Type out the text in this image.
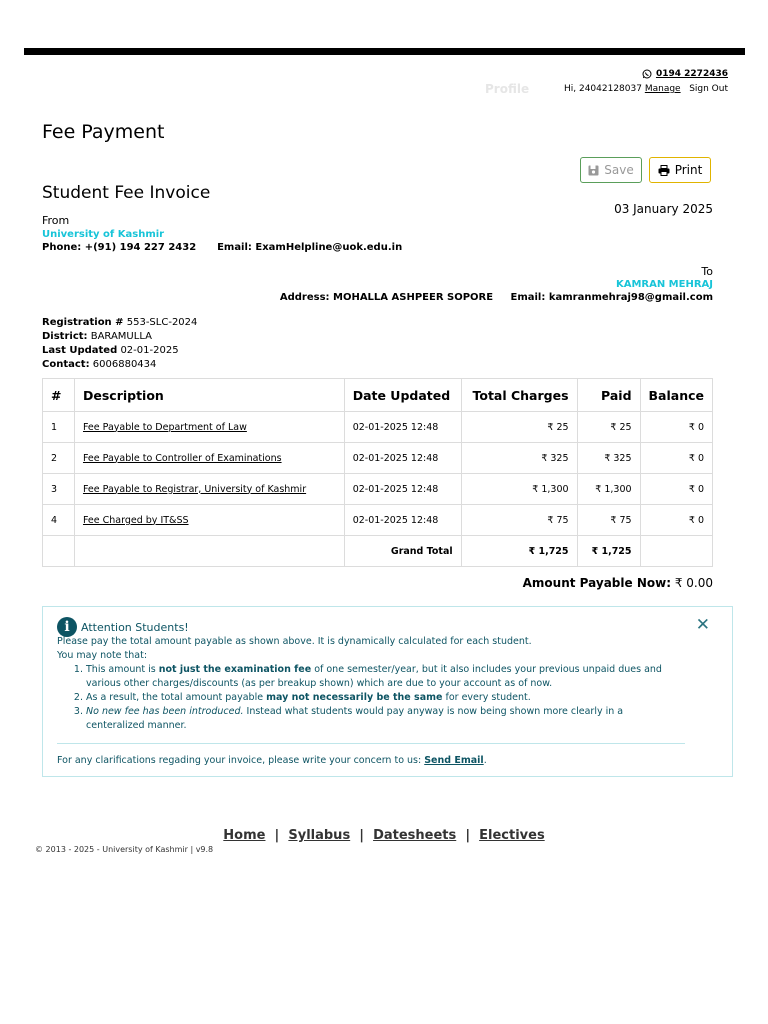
0194 2272436
Hi, 24042128037 Manage Sign Out
Profile
Fee Payment
Student Fee Invoice
Save	Print
03 January 2025
From
University of Kashmir
Phone: +(91) 194 227 2432 Email: ExamHelpline@uok.edu.in
To
KAMRAN MEHRAJ
Address: MOHALLA ASHPEER SOPORE Email: kamranmehraj98@gmail.com
Registration # 553-SLC-2024
District: BARAMULLA
Last Updated 02-01-2025
Contact: 6006880434
#	Description	Date Updated	Total Charges	Paid	Balance
1	Fee Payable to Department of Law	02-01-2025 12:48	₹ 25	₹ 25	₹ 0
2	Fee Payable to Controller of Examinations	02-01-2025 12:48	₹ 325	₹ 325	₹ 0
3	Fee Payable to Registrar, University of Kashmir	02-01-2025 12:48	₹ 1,300	₹ 1,300	₹ 0
4	Fee Charged by IT&SS	02-01-2025 12:48	₹ 75	₹ 75	₹ 0
		Grand Total	₹ 1,725	₹ 1,725	
Amount Payable Now: ₹ 0.00
i	Attention Students!	✕
Please pay the total amount payable as shown above. It is dynamically calculated for each student.
You may note that:
1. This amount is not just the examination fee of one semester/year, but it also includes your previous unpaid dues and various other charges/discounts (as per breakup shown) which are due to your account as of now.
2. As a result, the total amount payable may not necessarily be the same for every student.
3. No new fee has been introduced. Instead what students would pay anyway is now being shown more clearly in a centeralized manner.
For any clarifications regading your invoice, please write your concern to us: Send Email.
Home | Syllabus | Datesheets | Electives
© 2013 - 2025 - University of Kashmir | v9.8
